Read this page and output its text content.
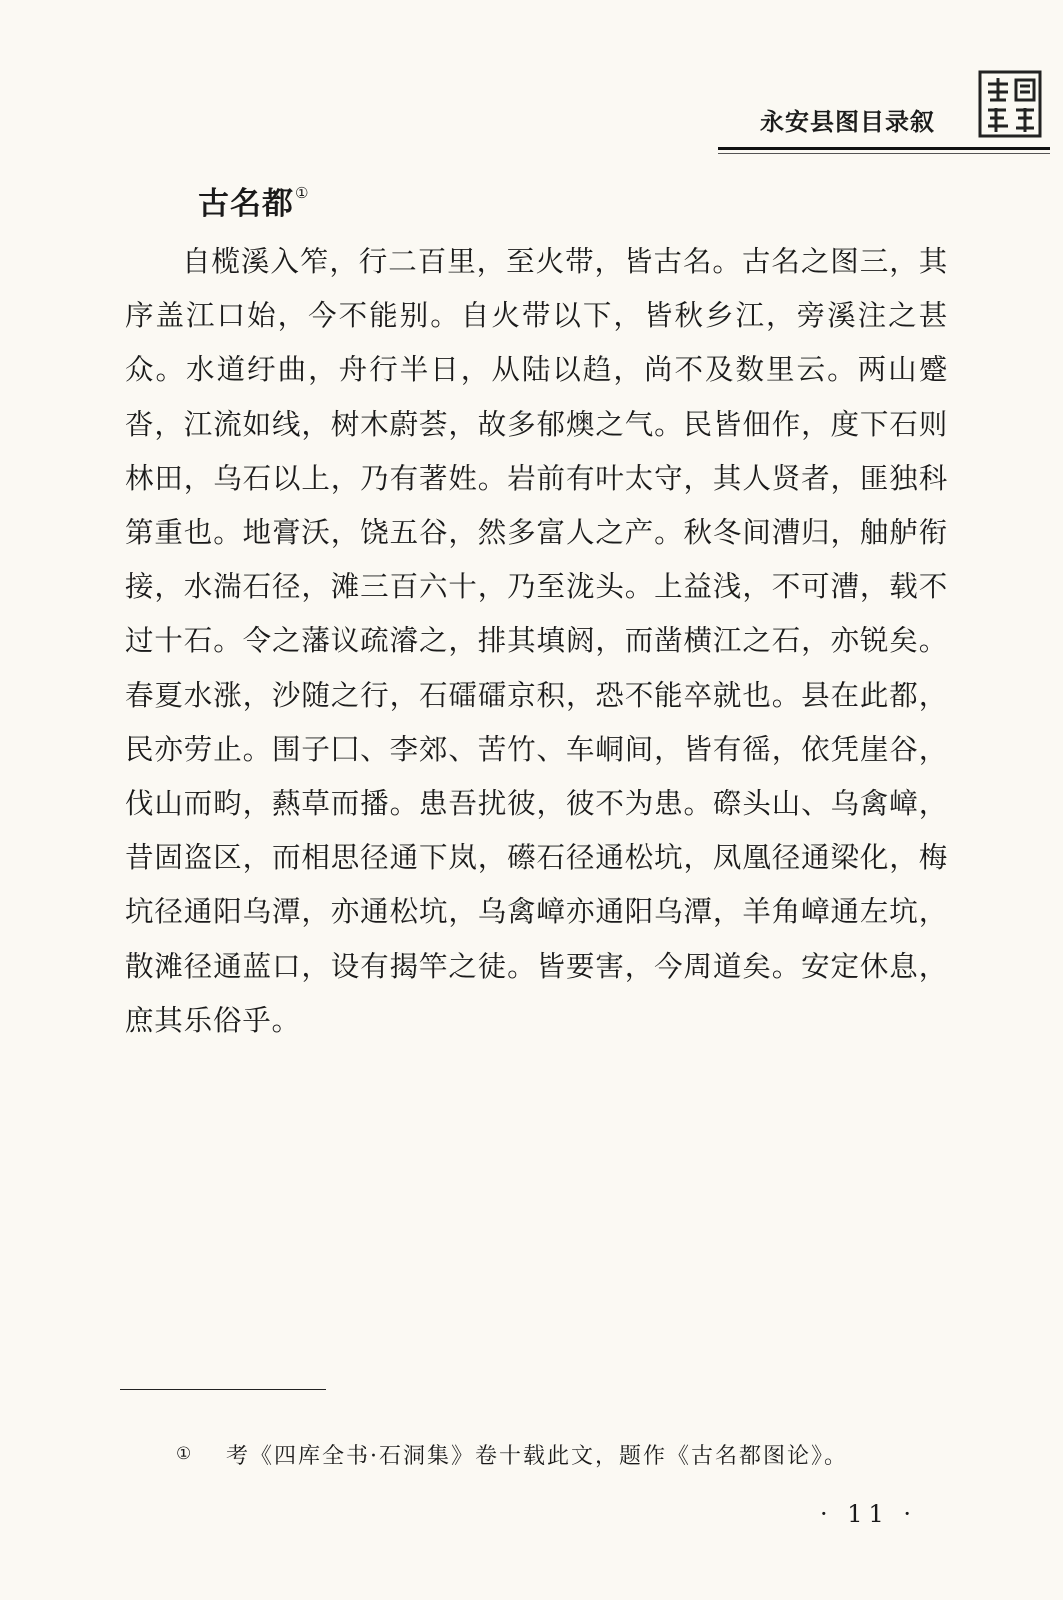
永安县图目录叙
古名都①

自榄溪入笮，行二百里，至火带，皆古名。古名之图三，其序盖江口始，今不能别。自火带以下，皆秋乡江，旁溪注之甚众。水道纡曲，舟行半日，从陆以趋，尚不及数里云。两山蹙沓，江流如线，树木蔚荟，故多郁燠之气。民皆佃作，度下石则林田，乌石以上，乃有著姓。岩前有叶太守，其人贤者，匪独科第重也。地膏沃，饶五谷，然多富人之产。秋冬间漕归，舳舻衔接，水湍石径，滩三百六十，乃至泷头。上益浅，不可漕，载不过十石。令之藩议疏濬之，排其填阏，而凿横江之石，亦锐矣。春夏水涨，沙随之行，石礌礌京积，恐不能卒就也。县在此都，民亦劳止。围子囗、李郊、苦竹、车峒间，皆有徭，依凭崖谷，伐山而畇，爇草而播。患吾扰彼，彼不为患。磜头山、乌禽嶂，昔固盗区，而相思径通下岚，礤石径通松坑，凤凰径通梁化，梅坑径通阳乌潭，亦通松坑，乌禽嶂亦通阳乌潭，羊角嶂通左坑，散滩径通蓝口，设有揭竿之徒。皆要害，今周道矣。安定休息，庶其乐俗乎。

① 考《四库全书·石洞集》卷十载此文，题作《古名都图论》。
· 11 ·
